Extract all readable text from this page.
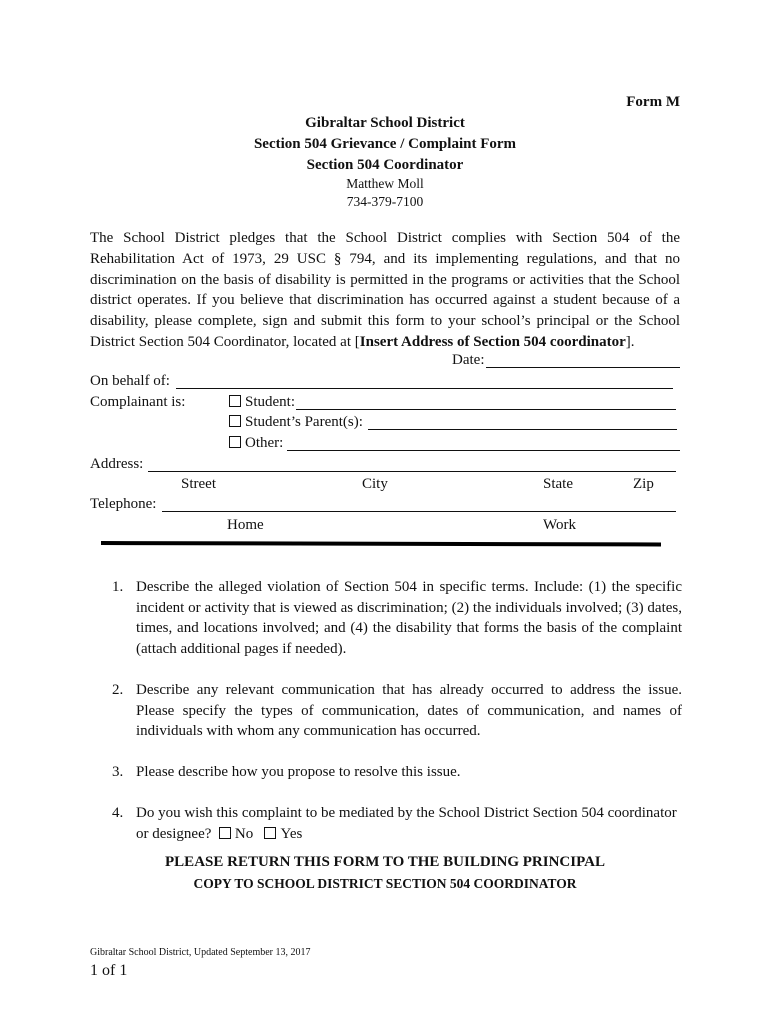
Form M
Gibraltar School District
Section 504 Grievance / Complaint Form
Section 504 Coordinator
Matthew Moll
734-379-7100
The School District pledges that the School District complies with Section 504 of the Rehabilitation Act of 1973, 29 USC § 794, and its implementing regulations, and that no discrimination on the basis of disability is permitted in the programs or activities that the School district operates. If you believe that discrimination has occurred against a student because of a disability, please complete, sign and submit this form to your school’s principal or the School District Section 504 Coordinator, located at [Insert Address of Section 504 coordinator].
Date:
On behalf of:
Complainant is:	Student:
Student’s Parent(s):
Other:
Address:
Street	City	State	Zip
Telephone:
Home	Work
1. Describe the alleged violation of Section 504 in specific terms. Include: (1) the specific incident or activity that is viewed as discrimination; (2) the individuals involved; (3) dates, times, and locations involved; and (4) the disability that forms the basis of the complaint (attach additional pages if needed).
2. Describe any relevant communication that has already occurred to address the issue. Please specify the types of communication, dates of communication, and names of individuals with whom any communication has occurred.
3. Please describe how you propose to resolve this issue.
4. Do you wish this complaint to be mediated by the School District Section 504 coordinator or designee? No Yes
PLEASE RETURN THIS FORM TO THE BUILDING PRINCIPAL
COPY TO SCHOOL DISTRICT SECTION 504 COORDINATOR
Gibraltar School District, Updated September 13, 2017
1 of 1
